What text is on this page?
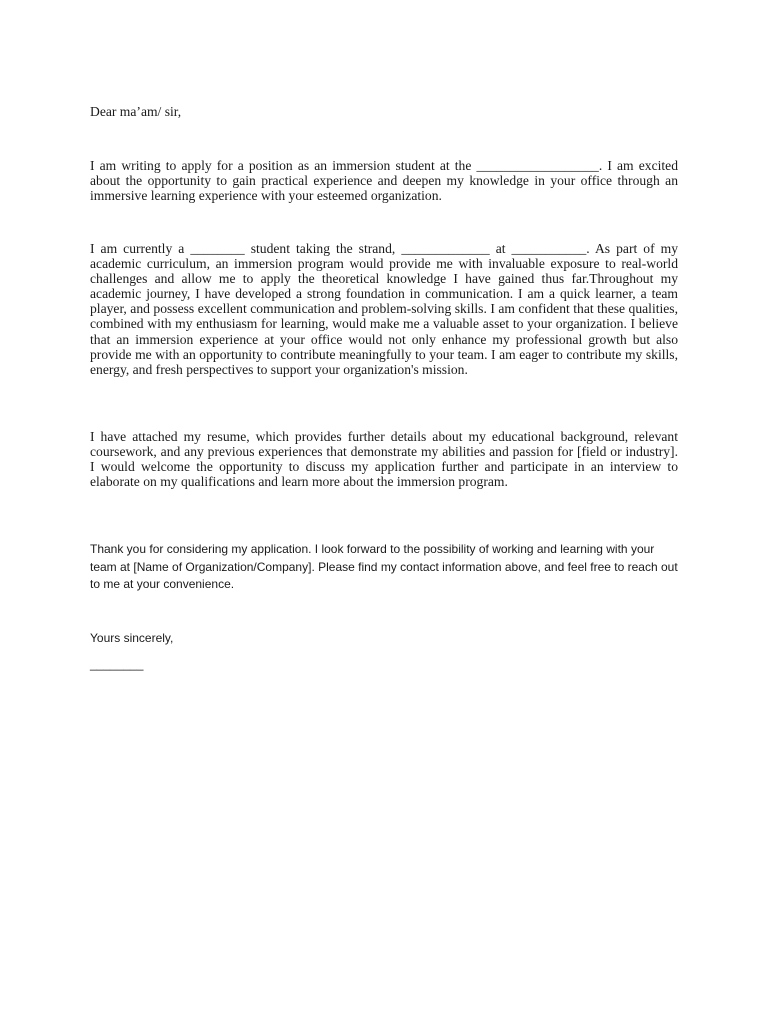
Dear ma’am/ sir,

I am writing to apply for a position as an immersion student at the __________________. I am excited about the opportunity to gain practical experience and deepen my knowledge in your office through an immersive learning experience with your esteemed organization.

I am currently a ________ student taking the strand, _____________ at ___________. As part of my academic curriculum, an immersion program would provide me with invaluable exposure to real-world challenges and allow me to apply the theoretical knowledge I have gained thus far.Throughout my academic journey, I have developed a strong foundation in communication. I am a quick learner, a team player, and possess excellent communication and problem-solving skills. I am confident that these qualities, combined with my enthusiasm for learning, would make me a valuable asset to your organization. I believe that an immersion experience at your office would not only enhance my professional growth but also provide me with an opportunity to contribute meaningfully to your team. I am eager to contribute my skills, energy, and fresh perspectives to support your organization's mission.

I have attached my resume, which provides further details about my educational background, relevant coursework, and any previous experiences that demonstrate my abilities and passion for [field or industry]. I would welcome the opportunity to discuss my application further and participate in an interview to elaborate on my qualifications and learn more about the immersion program.

Thank you for considering my application. I look forward to the possibility of working and learning with your team at [Name of Organization/Company]. Please find my contact information above, and feel free to reach out to me at your convenience.

Yours sincerely,

________
